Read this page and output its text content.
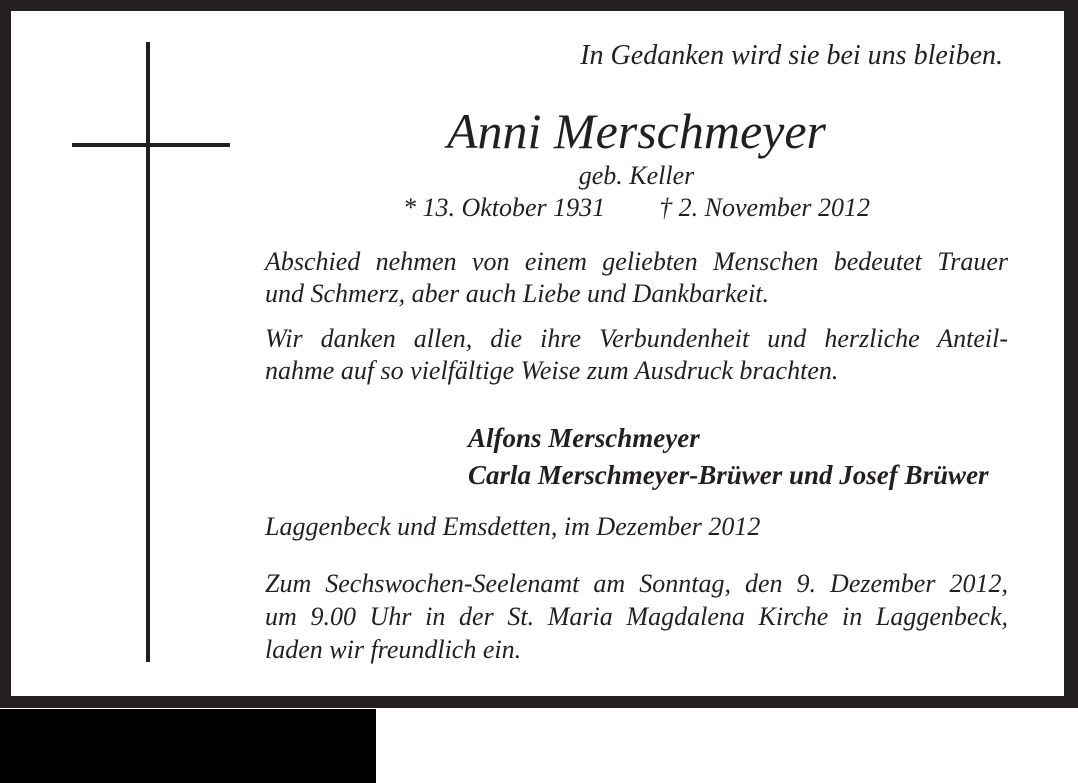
In Gedanken wird sie bei uns bleiben.
Anni Merschmeyer
geb. Keller
* 13. Oktober 1931 † 2. November 2012
Abschied nehmen von einem geliebten Menschen bedeutet Trauer
und Schmerz, aber auch Liebe und Dankbarkeit.
Wir danken allen, die ihre Verbundenheit und herzliche Anteil-
nahme auf so vielfältige Weise zum Ausdruck brachten.
Alfons Merschmeyer
Carla Merschmeyer-Brüwer und Josef Brüwer
Laggenbeck und Emsdetten, im Dezember 2012
Zum Sechswochen-Seelenamt am Sonntag, den 9. Dezember 2012,
um 9.00 Uhr in der St. Maria Magdalena Kirche in Laggenbeck,
laden wir freundlich ein.
